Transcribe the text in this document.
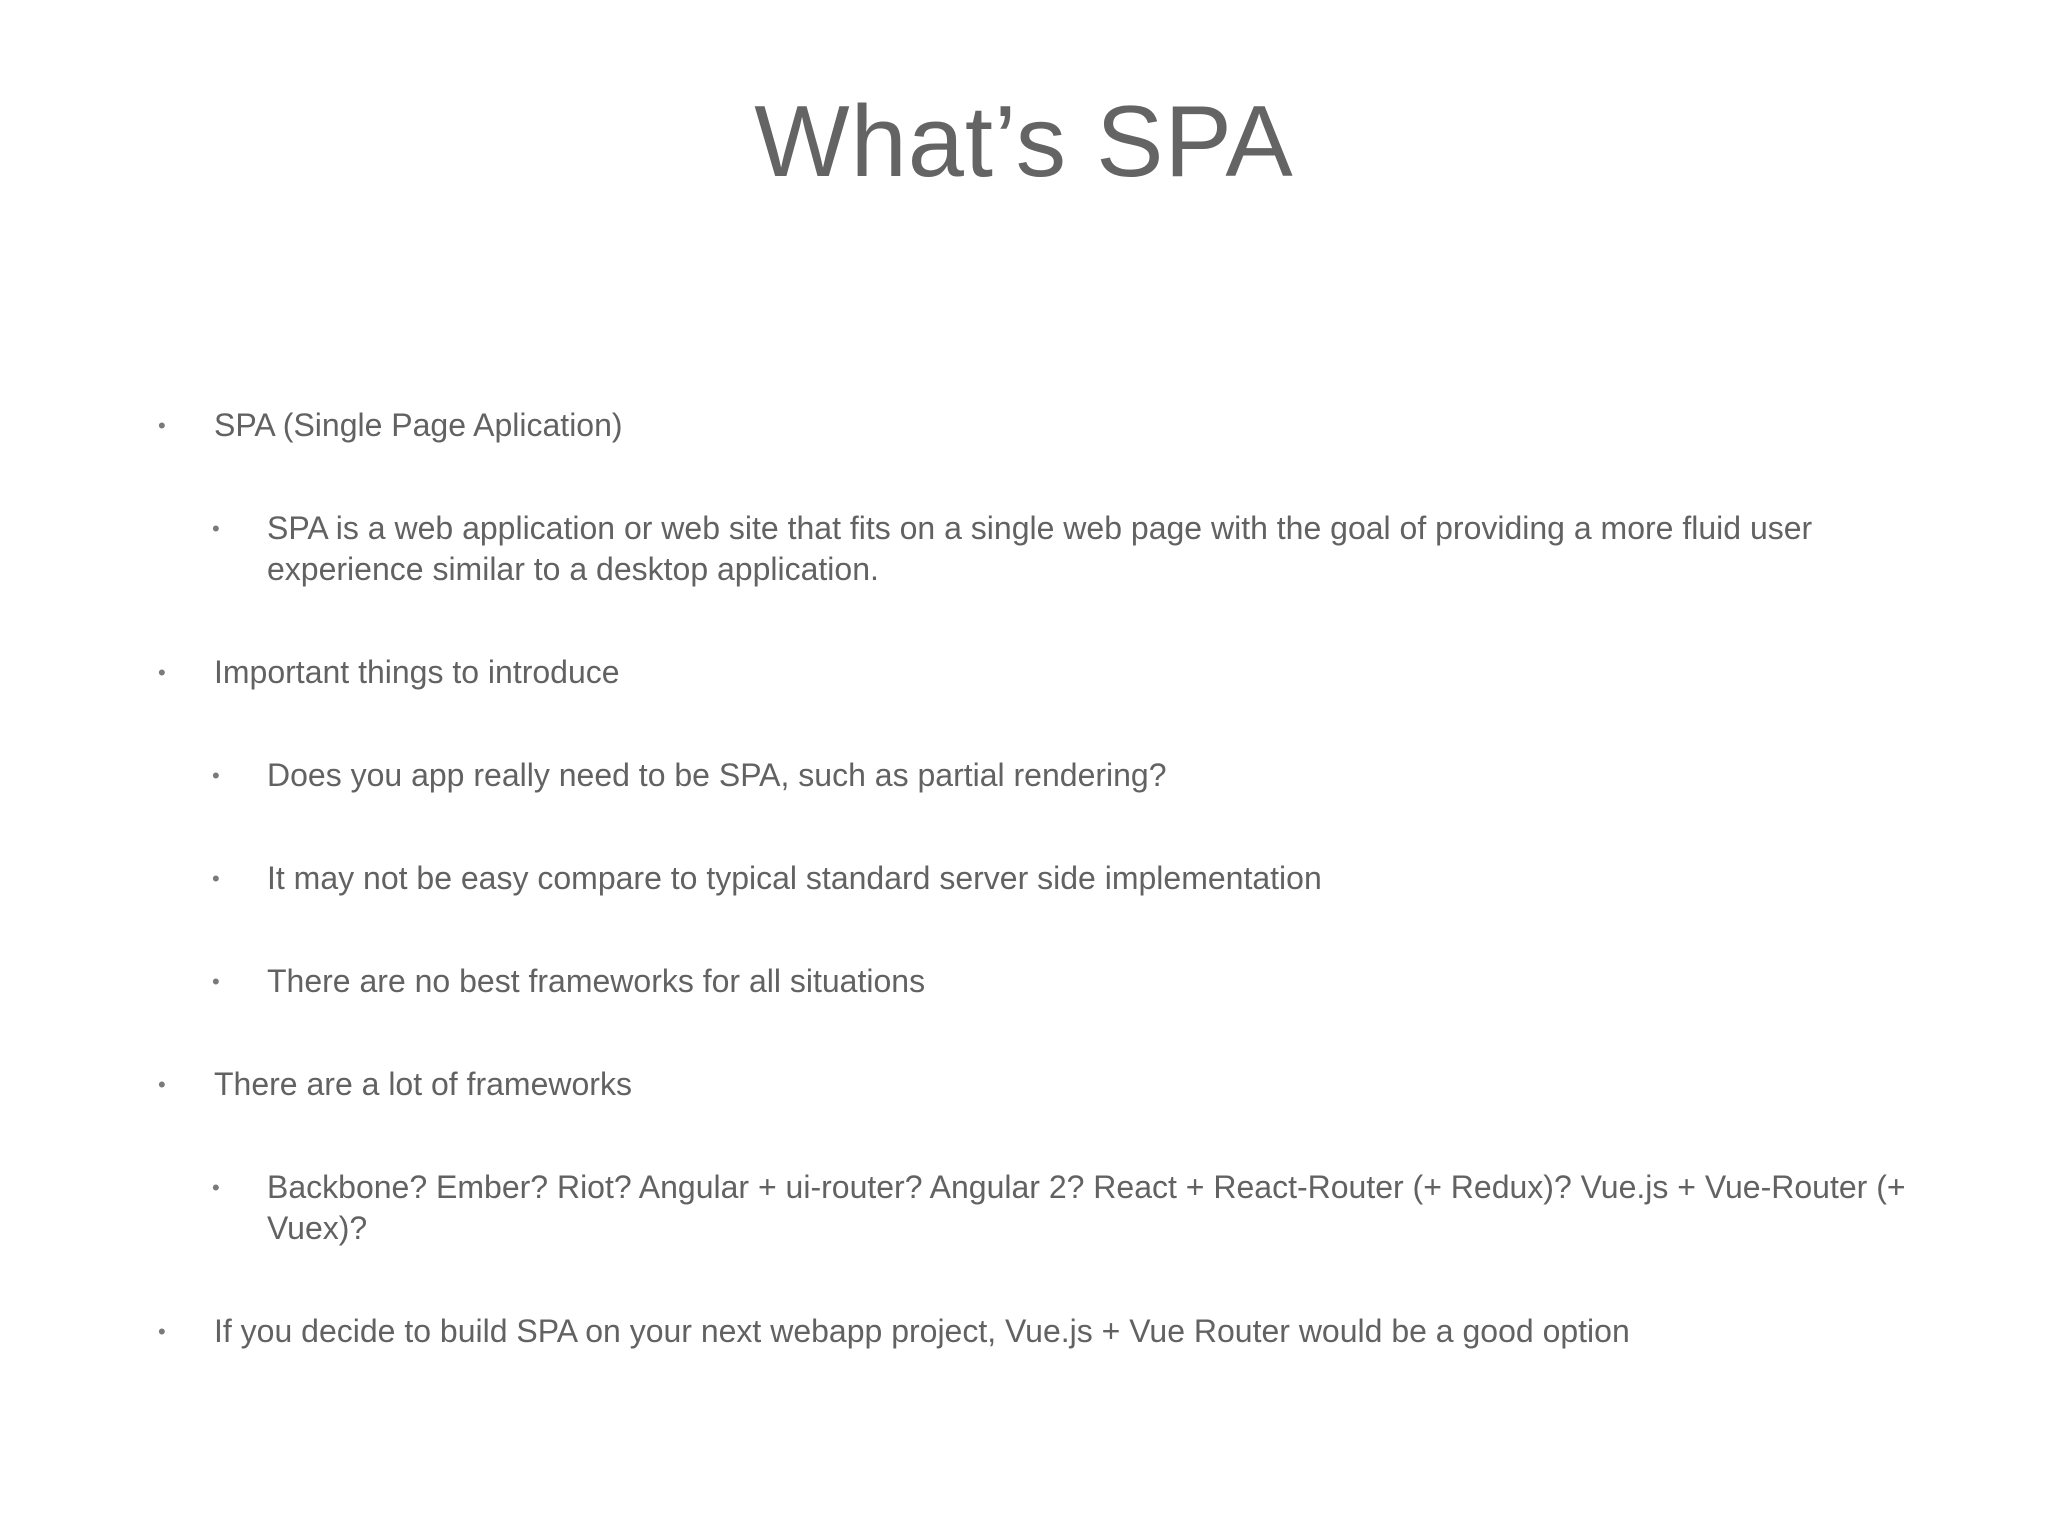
What’s SPA
• SPA (Single Page Aplication)
• SPA is a web application or web site that fits on a single web page with the goal of providing a more fluid user experience similar to a desktop application.
• Important things to introduce
• Does you app really need to be SPA, such as partial rendering?
• It may not be easy compare to typical standard server side implementation
• There are no best frameworks for all situations
• There are a lot of frameworks
• Backbone? Ember? Riot? Angular + ui-router? Angular 2? React + React-Router (+ Redux)? Vue.js + Vue-Router (+ Vuex)?
• If you decide to build SPA on your next webapp project, Vue.js + Vue Router would be a good option
